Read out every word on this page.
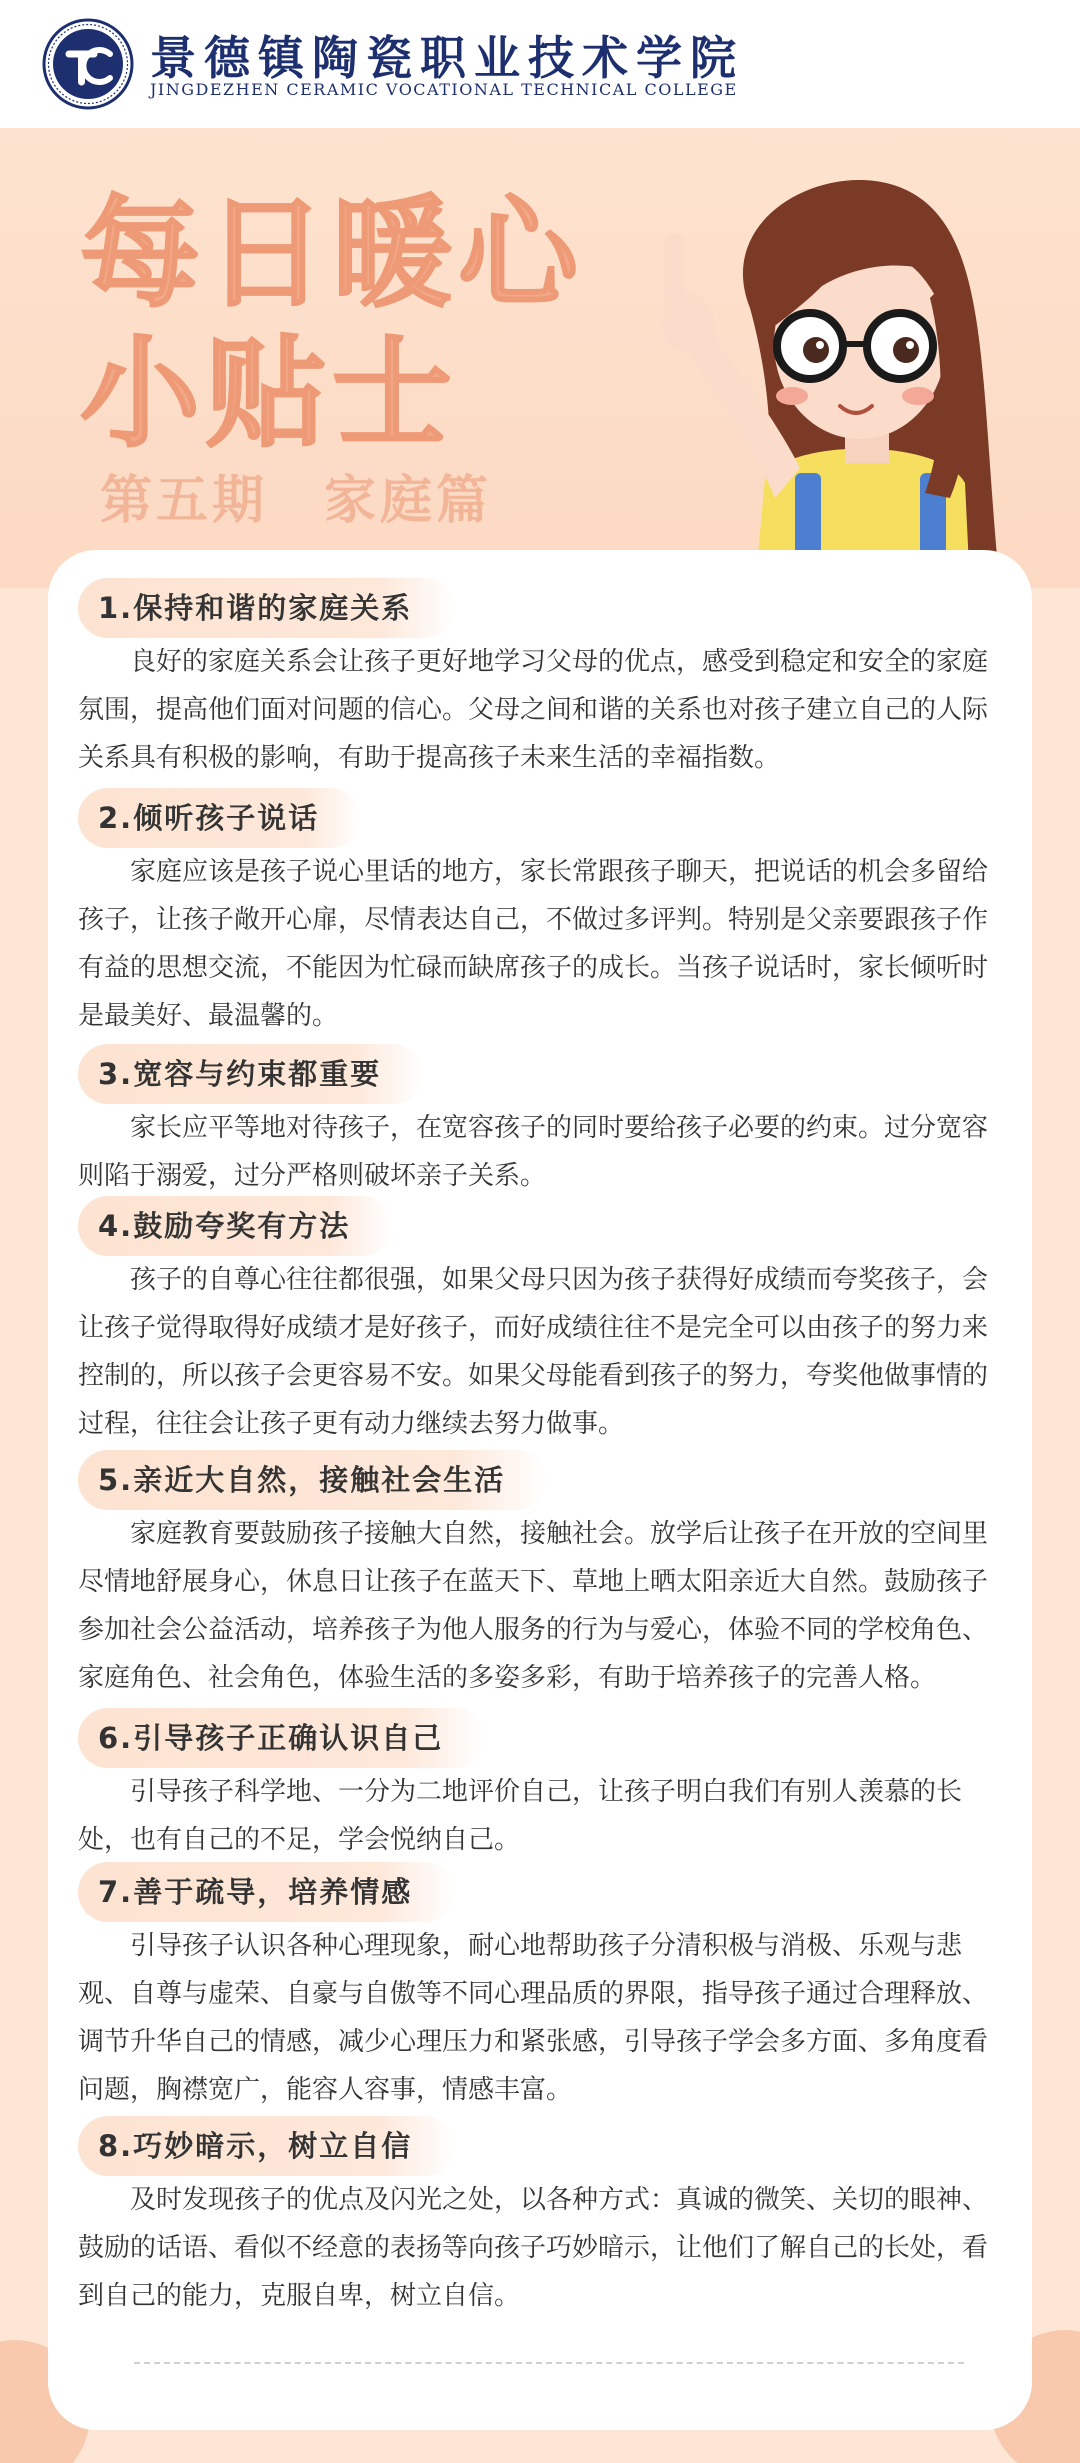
景德镇陶瓷职业技术学院
JINGDEZHEN CERAMIC VOCATIONAL TECHNICAL COLLEGE
每日暖心
小贴士
第五期　家庭篇
1.保持和谐的家庭关系

　　良好的家庭关系会让孩子更好地学习父母的优点，感受到稳定和安全的家庭氛围，提高他们面对问题的信心。父母之间和谐的关系也对孩子建立自己的人际关系具有积极的影响，有助于提高孩子未来生活的幸福指数。

2.倾听孩子说话

　　家庭应该是孩子说心里话的地方，家长常跟孩子聊天，把说话的机会多留给孩子，让孩子敞开心扉，尽情表达自己，不做过多评判。特别是父亲要跟孩子作有益的思想交流，不能因为忙碌而缺席孩子的成长。当孩子说话时，家长倾听时是最美好、最温馨的。

3.宽容与约束都重要

　　家长应平等地对待孩子，在宽容孩子的同时要给孩子必要的约束。过分宽容则陷于溺爱，过分严格则破坏亲子关系。

4.鼓励夸奖有方法

　　孩子的自尊心往往都很强，如果父母只因为孩子获得好成绩而夸奖孩子，会让孩子觉得取得好成绩才是好孩子，而好成绩往往不是完全可以由孩子的努力来控制的，所以孩子会更容易不安。如果父母能看到孩子的努力，夸奖他做事情的过程，往往会让孩子更有动力继续去努力做事。

5.亲近大自然，接触社会生活

　　家庭教育要鼓励孩子接触大自然，接触社会。放学后让孩子在开放的空间里尽情地舒展身心，休息日让孩子在蓝天下、草地上晒太阳亲近大自然。鼓励孩子参加社会公益活动，培养孩子为他人服务的行为与爱心，体验不同的学校角色、家庭角色、社会角色，体验生活的多姿多彩，有助于培养孩子的完善人格。

6.引导孩子正确认识自己

　　引导孩子科学地、一分为二地评价自己，让孩子明白我们有别人羡慕的长处，也有自己的不足，学会悦纳自己。

7.善于疏导，培养情感

　　引导孩子认识各种心理现象，耐心地帮助孩子分清积极与消极、乐观与悲观、自尊与虚荣、自豪与自傲等不同心理品质的界限，指导孩子通过合理释放、调节升华自己的情感，减少心理压力和紧张感，引导孩子学会多方面、多角度看问题，胸襟宽广，能容人容事，情感丰富。

8.巧妙暗示，树立自信

　　及时发现孩子的优点及闪光之处，以各种方式：真诚的微笑、关切的眼神、鼓励的话语、看似不经意的表扬等向孩子巧妙暗示，让他们了解自己的长处，看到自己的能力，克服自卑，树立自信。
